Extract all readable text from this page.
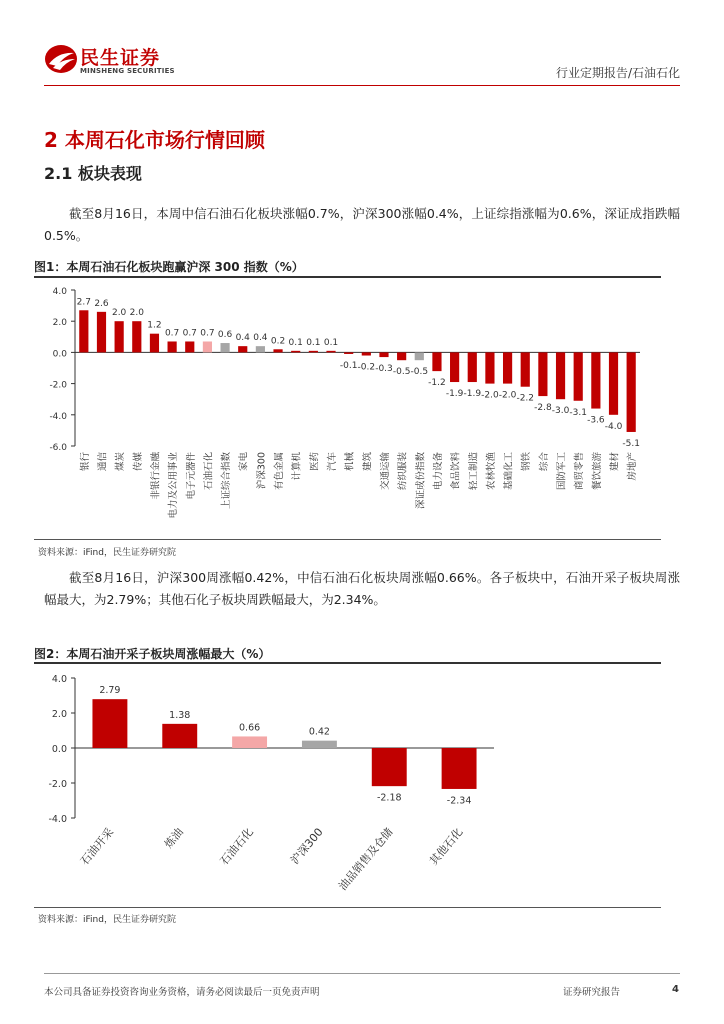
民生证券
MINSHENG SECURITIES	行业定期报告/石油石化
2 本周石化市场行情回顾
2.1 板块表现
截至8月16日，本周中信石油石化板块涨幅0.7%，沪深300涨幅0.4%，上证综指涨幅为0.6%，深证成指跌幅0.5%。
图1：本周石油石化板块跑赢沪深 300 指数（%）
4.0
2.0
0.0
-2.0
-4.0
-6.0
2.7
银行
2.6
通信
2.0
煤炭
2.0
传媒
1.2
非银行金融
0.7
电力及公用事业
0.7
电子元器件
0.7
石油石化
0.6
上证综合指数
0.4
家电
0.4
沪深300
0.2
有色金属
0.1
计算机
0.1
医药
0.1
汽车
-0.1
机械
-0.2
建筑
-0.3
交通运输
-0.5
纺织服装
-0.5
深证成份指数
-1.2
电力设备
-1.9
食品饮料
-1.9
轻工制造
-2.0
农林牧渔
-2.0
基础化工
-2.2
钢铁
-2.8
综合
-3.0
国防军工
-3.1
商贸零售
-3.6
餐饮旅游
-4.0
建材
-5.1
房地产
资料来源：iFind，民生证券研究院
截至8月16日，沪深300周涨幅0.42%，中信石油石化板块周涨幅0.66%。各子板块中，石油开采子板块周涨幅最大，为2.79%；其他石化子板块周跌幅最大，为2.34%。
图2：本周石油开采子板块周涨幅最大（%）
4.0
2.0
0.0
-2.0
-4.0
2.79
石油开采
1.38
炼油
0.66
石油石化
0.42
沪深300
-2.18
油品销售及仓储
-2.34
其他石化
资料来源：iFind，民生证券研究院
本公司具备证券投资咨询业务资格，请务必阅读最后一页免责声明	证券研究报告	4
